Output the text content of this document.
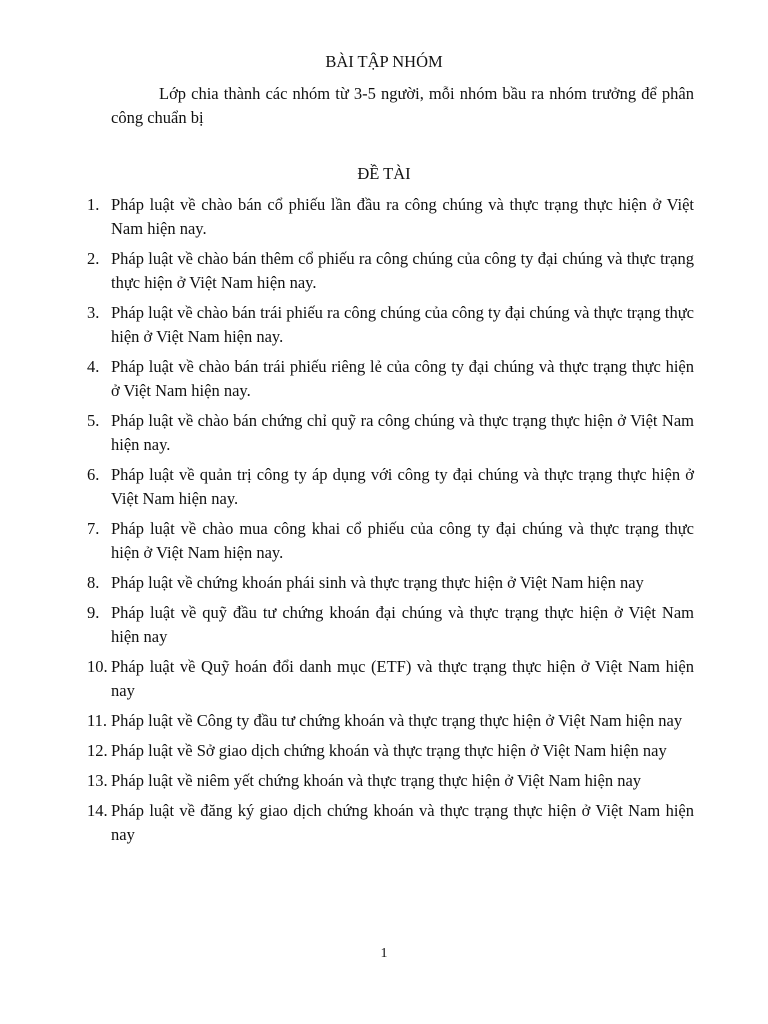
BÀI TẬP NHÓM
Lớp chia thành các nhóm từ 3-5 người, mỗi nhóm bầu ra nhóm trưởng để phân công chuẩn bị
ĐỀ TÀI
1. Pháp luật về chào bán cổ phiếu lần đầu ra công chúng và thực trạng thực hiện ở Việt Nam hiện nay.
2. Pháp luật về chào bán thêm cổ phiếu ra công chúng của công ty đại chúng và thực trạng thực hiện ở Việt Nam hiện nay.
3. Pháp luật về chào bán trái phiếu ra công chúng của công ty đại chúng và thực trạng thực hiện ở Việt Nam hiện nay.
4. Pháp luật về chào bán trái phiếu riêng lẻ của công ty đại chúng và thực trạng thực hiện ở Việt Nam hiện nay.
5. Pháp luật về chào bán chứng chỉ quỹ ra công chúng và thực trạng thực hiện ở Việt Nam hiện nay.
6. Pháp luật về quản trị công ty áp dụng với công ty đại chúng và thực trạng thực hiện ở Việt Nam hiện nay.
7. Pháp luật về chào mua công khai cổ phiếu của công ty đại chúng và thực trạng thực hiện ở Việt Nam hiện nay.
8. Pháp luật về chứng khoán phái sinh và thực trạng thực hiện ở Việt Nam hiện nay
9. Pháp luật về quỹ đầu tư chứng khoán đại chúng và thực trạng thực hiện ở Việt Nam hiện nay
10. Pháp luật về Quỹ hoán đổi danh mục (ETF) và thực trạng thực hiện ở Việt Nam hiện nay
11. Pháp luật về Công ty đầu tư chứng khoán và thực trạng thực hiện ở Việt Nam hiện nay
12. Pháp luật về Sở giao dịch chứng khoán và thực trạng thực hiện ở Việt Nam hiện nay
13. Pháp luật về niêm yết chứng khoán và thực trạng thực hiện ở Việt Nam hiện nay
14. Pháp luật về đăng ký giao dịch chứng khoán và thực trạng thực hiện ở Việt Nam hiện nay
1
